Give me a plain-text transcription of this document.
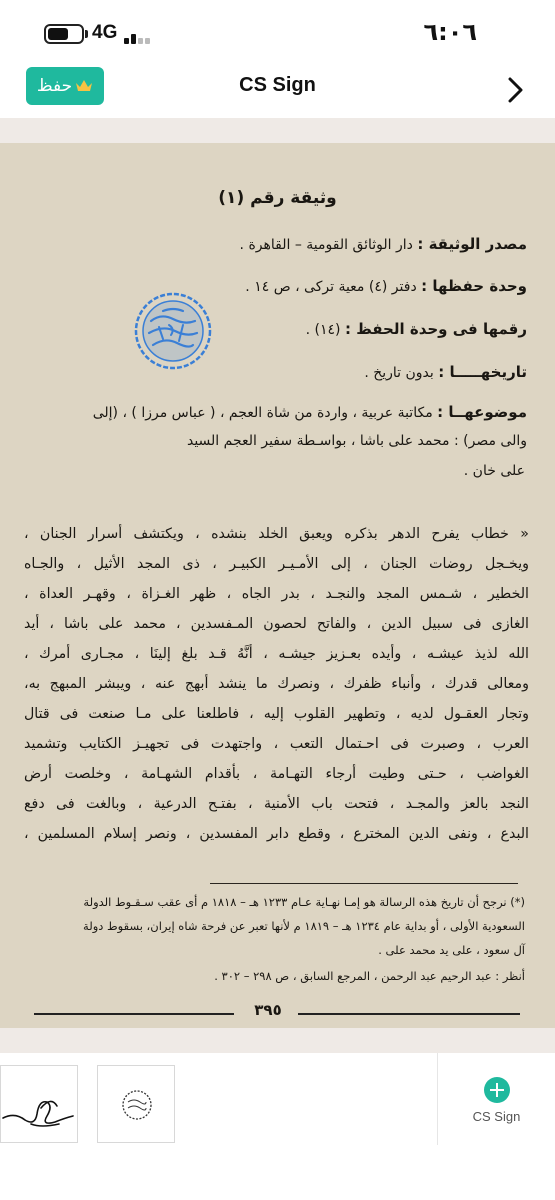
4G	٦:٠٦
حفظ	CS Sign
وثيقة رقم (١)
مصدر الوثيقة : دار الوثائق القومية – القاهرة .
وحدة حفظها : دفتر (٤) معية تركى ، ص ١٤ .
رقمها فى وحدة الحفظ : (١٤) .
تاريخهـــــا : بدون تاريخ .
موضوعهــا : مكاتبة عربية ، واردة من شاة العجم ، ( عباس مرزا ) ، (إلى
والى مصر) : محمد على باشا ، بواسـطة سفير العجم السيد
على خان .
« خطاب يفرح الدهر بذكره ويعبق الخلد بنشده ، ويكتشف أسرار الجنان ،
ويخـجل روضات الجنان ، إلى الأمـيـر الكبيـر ، ذى المجد الأثيل ، والجـاه
الخطير ، شـمس المجد والنجـد ، بدر الجاه ، ظهر الغـزاة ، وقهـر العداة ،
الغازى فى سبيل الدين ، والفاتح لحصون المـفسدين ، محمد على باشا ، أيد
الله لذيذ عيشـه ، وأيده بعـزيز جيشـه ، أنَّهُ قـد بلغ إلينَا ، مجـارى أمرك ،
ومعالى قدرك ، وأنباء ظفرك ، ونصرك ما ينشد أبهج عنه ، ويبشر المبهج به،
وتجار العقـول لديه ، وتطهير القلوب إليه ، فاطلعنا على مـا صنعت فى قتال
العرب ، وصبرت فى احـتمال التعب ، واجتهدت فى تجهيـز الكتايب وتشميد
الغواضب ، حـتى وطيت أرجاء التهـامة ، بأقدام الشهـامة ، وخلصت أرض
النجد بالعز والمجـد ، فتحت باب الأمنية ، بفتـح الدرعية ، وبالغت فى دفع
البدع ، ونفى الدين المخترع ، وقطع دابر المفسدين ، ونصر إسلام المسلمين ،
(*) نرجح أن تاريخ هذه الرسالة هو إمـا نهـاية عـام ١٢٣٣ هـ – ١٨١٨ م أى عقب سـقـوط الدولة
السعودية الأولى ، أو بداية عام ١٢٣٤ هـ – ١٨١٩ م لأنها تعبر عن فرحة شاه إيران، بسقوط دولة
آل سعود ، على يد محمد على .
أنظر : عبد الرحيم عبد الرحمن ، المرجع السابق ، ص ٢٩٨ – ٣٠٢ .
٣٩٥
CS Sign
